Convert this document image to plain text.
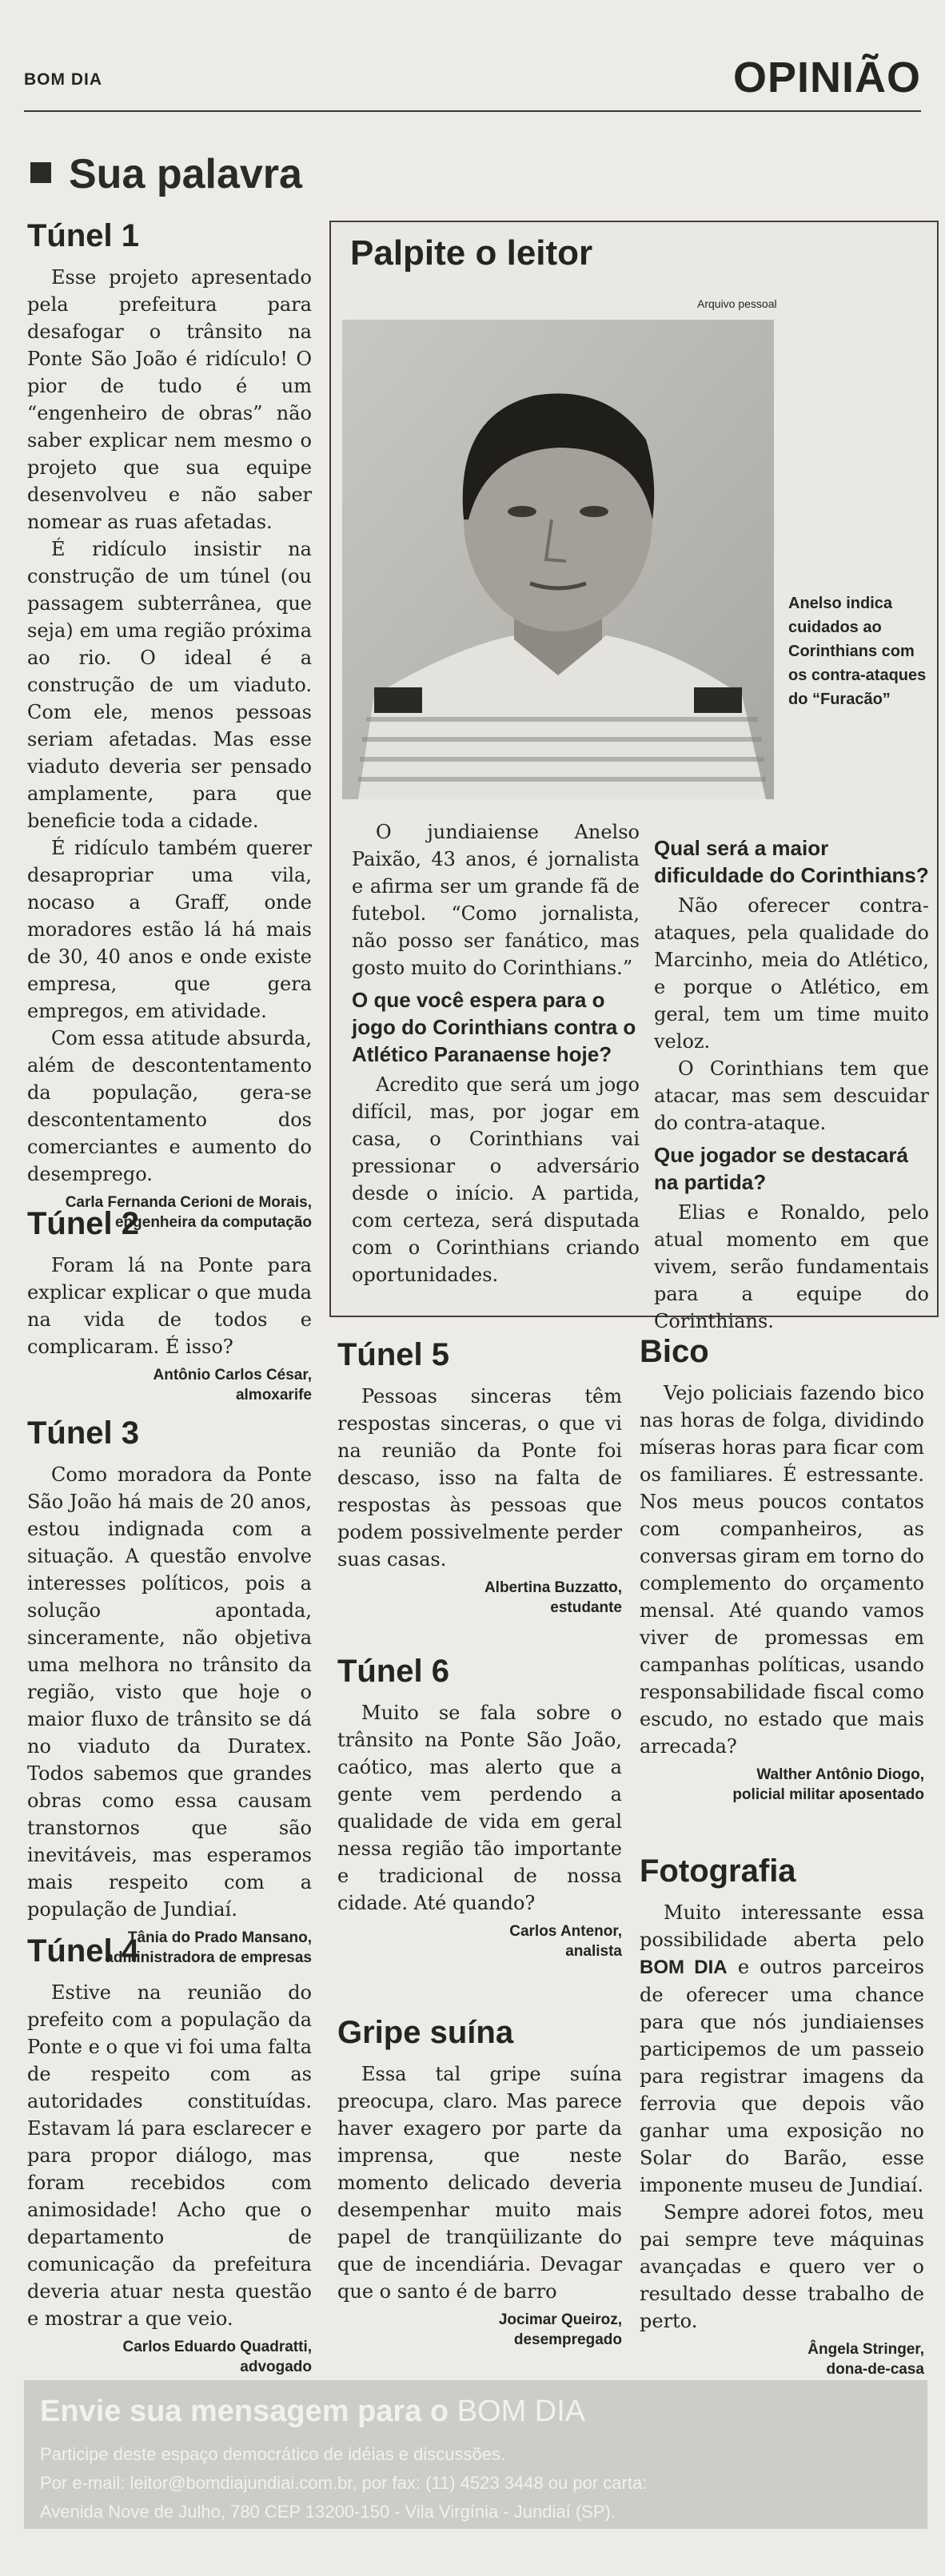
BOM DIA	OPINIÃO
Sua palavra
Túnel 1

Esse projeto apresentado pela prefeitura para desafogar o trânsito na Ponte São João é ridículo! O pior de tudo é um “engenheiro de obras” não saber explicar nem mesmo o projeto que sua equipe desenvolveu e não saber nomear as ruas afetadas.

É ridículo insistir na construção de um túnel (ou passagem subterrânea, que seja) em uma região próxima ao rio. O ideal é a construção de um viaduto. Com ele, menos pessoas seriam afetadas. Mas esse viaduto deveria ser pensado amplamente, para que beneficie toda a cidade.

É ridículo também querer desapropriar uma vila, nocaso a Graff, onde moradores estão lá há mais de 30, 40 anos e onde existe empresa, que gera empregos, em atividade.

Com essa atitude absurda, além de descontentamento da população, gera-se descontentamento dos comerciantes e aumento do desemprego.

Carla Fernanda Cerioni de Morais,
engenheira da computação
Túnel 2

Foram lá na Ponte para explicar explicar o que muda na vida de todos e complicaram. É isso?

Antônio Carlos César,
almoxarife
Túnel 3

Como moradora da Ponte São João há mais de 20 anos, estou indignada com a situação. A questão envolve interesses políticos, pois a solução apontada, sinceramente, não objetiva uma melhora no trânsito da região, visto que hoje o maior fluxo de trânsito se dá no viaduto da Duratex. Todos sabemos que grandes obras como essa causam transtornos que são inevitáveis, mas esperamos mais respeito com a população de Jundiaí.

Tânia do Prado Mansano,
administradora de empresas
Túnel 4

Estive na reunião do prefeito com a população da Ponte e o que vi foi uma falta de respeito com as autoridades constituídas. Estavam lá para esclarecer e para propor diálogo, mas foram recebidos com animosidade! Acho que o departamento de comunicação da prefeitura deveria atuar nesta questão e mostrar a que veio.

Carlos Eduardo Quadratti,
advogado
Palpite o leitor
Arquivo pessoal
Anelso indica cuidados ao Corinthians com os contra-ataques do “Furacão”

O jundiaiense Anelso Paixão, 43 anos, é jornalista e afirma ser um grande fã de futebol. “Como jornalista, não posso ser fanático, mas gosto muito do Corinthians.”

O que você espera para o jogo do Corinthians contra o Atlético Paranaense hoje?

Acredito que será um jogo difícil, mas, por jogar em casa, o Corinthians vai pressionar o adversário desde o início. A partida, com certeza, será disputada com o Corinthians criando oportunidades.

Qual será a maior dificuldade do Corinthians?

Não oferecer contra-ataques, pela qualidade do Marcinho, meia do Atlético, e porque o Atlético, em geral, tem um time muito veloz.

O Corinthians tem que atacar, mas sem descuidar do contra-ataque.

Que jogador se destacará na partida?

Elias e Ronaldo, pelo atual momento em que vivem, serão fundamentais para a equipe do Corinthians.

Túnel 5

Pessoas sinceras têm respostas sinceras, o que vi na reunião da Ponte foi descaso, isso na falta de respostas às pessoas que podem possivelmente perder suas casas.

Albertina Buzzatto,
estudante
Túnel 6

Muito se fala sobre o trânsito na Ponte São João, caótico, mas alerto que a gente vem perdendo a qualidade de vida em geral nessa região tão importante e tradicional de nossa cidade. Até quando?

Carlos Antenor,
analista
Gripe suína

Essa tal gripe suína preocupa, claro. Mas parece haver exagero por parte da imprensa, que neste momento delicado deveria desempenhar muito mais papel de tranqüilizante do que de incendiária. Devagar que o santo é de barro

Jocimar Queiroz,
desempregado
Bico

Vejo policiais fazendo bico nas horas de folga, dividindo míseras horas para ficar com os familiares. É estressante. Nos meus poucos contatos com companheiros, as conversas giram em torno do complemento do orçamento mensal. Até quando vamos viver de promessas em campanhas políticas, usando responsabilidade fiscal como escudo, no estado que mais arrecada?

Walther Antônio Diogo,
policial militar aposentado
Fotografia

Muito interessante essa possibilidade aberta pelo BOM DIA e outros parceiros de oferecer uma chance para que nós jundiaienses participemos de um passeio para registrar imagens da ferrovia que depois vão ganhar uma exposição no Solar do Barão, esse imponente museu de Jundiaí.

Sempre adorei fotos, meu pai sempre teve máquinas avançadas e quero ver o resultado desse trabalho de perto.

Ângela Stringer,
dona-de-casa
Envie sua mensagem para o BOM DIA
Participe deste espaço democrático de idéias e discussões.
Por e-mail: leitor@bomdiajundiai.com.br, por fax: (11) 4523 3448 ou por carta:
Avenida Nove de Julho, 780 CEP 13200-150 - Vila Virgínia - Jundiaí (SP).
